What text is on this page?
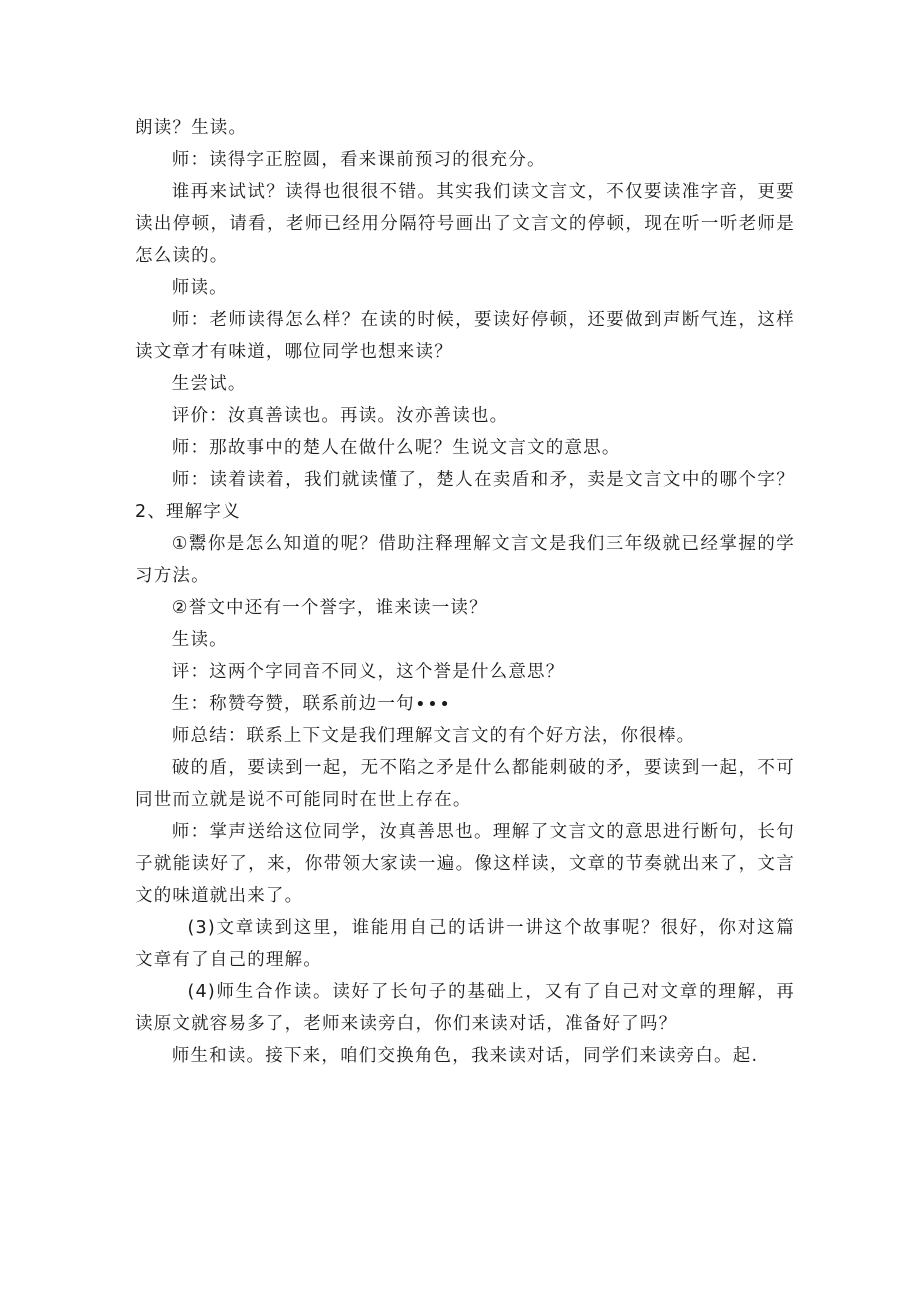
朗读？生读。

师：读得字正腔圆，看来课前预习的很充分。

谁再来试试？读得也很很不错。其实我们读文言文，不仅要读准字音，更要读出停顿，请看，老师已经用分隔符号画出了文言文的停顿，现在听一听老师是怎么读的。

师读。

师：老师读得怎么样？在读的时候，要读好停顿，还要做到声断气连，这样读文章才有味道，哪位同学也想来读？

生尝试。

评价：汝真善读也。再读。汝亦善读也。

师：那故事中的楚人在做什么呢？生说文言文的意思。

师：读着读着，我们就读懂了，楚人在卖盾和矛，卖是文言文中的哪个字？2、理解字义

①鬻你是怎么知道的呢？借助注释理解文言文是我们三年级就已经掌握的学习方法。

②誉文中还有一个誉字，谁来读一读？

生读。

评：这两个字同音不同义，这个誉是什么意思？

生：称赞夸赞，联系前边一句∙∙∙

师总结：联系上下文是我们理解文言文的有个好方法，你很棒。

破的盾，要读到一起，无不陷之矛是什么都能刺破的矛，要读到一起，不可同世而立就是说不可能同时在世上存在。

师：掌声送给这位同学，汝真善思也。理解了文言文的意思进行断句，长句子就能读好了，来，你带领大家读一遍。像这样读，文章的节奏就出来了，文言文的味道就出来了。

(3)文章读到这里，谁能用自己的话讲一讲这个故事呢？很好，你对这篇文章有了自己的理解。

(4)师生合作读。读好了长句子的基础上，又有了自己对文章的理解，再读原文就容易多了，老师来读旁白，你们来读对话，准备好了吗？

师生和读。接下来，咱们交换角色，我来读对话，同学们来读旁白。起.
